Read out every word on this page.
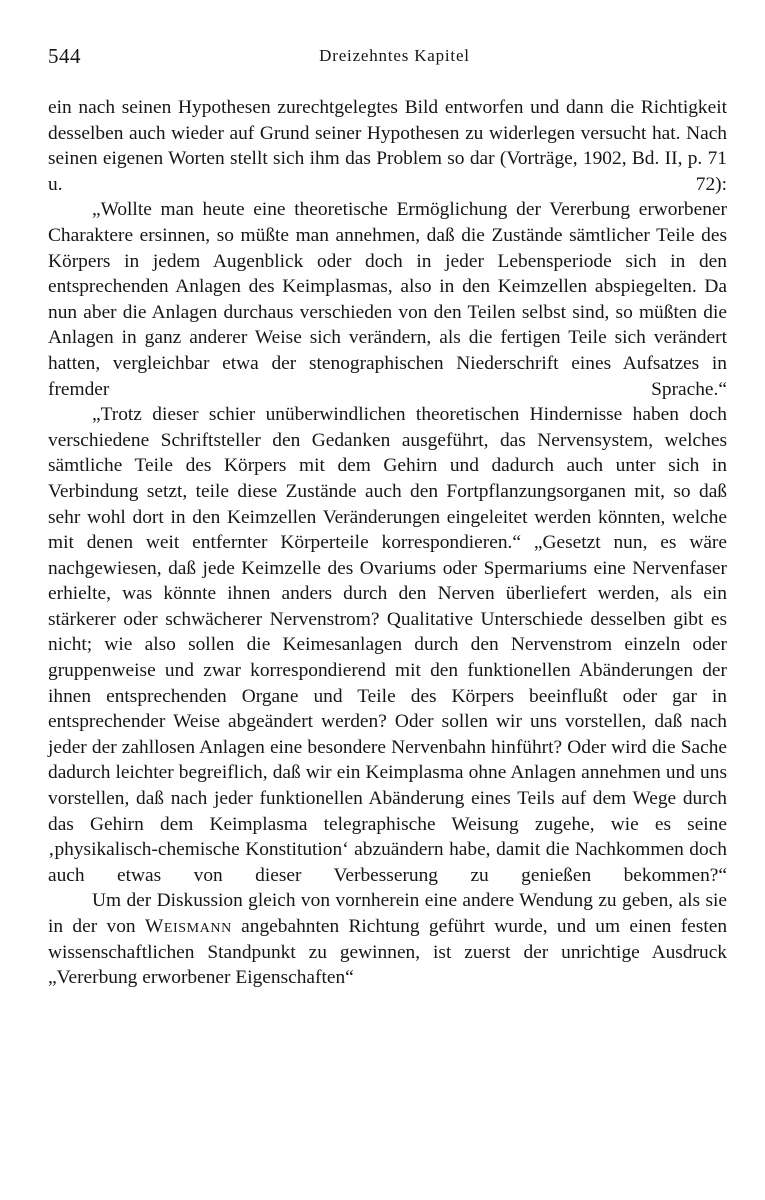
544	Dreizehntes Kapitel

ein nach seinen Hypothesen zurechtgelegtes Bild entworfen und dann die Richtigkeit desselben auch wieder auf Grund seiner Hypothesen zu widerlegen versucht hat. Nach seinen eigenen Worten stellt sich ihm das Problem so dar (Vorträge, 1902, Bd. II, p. 71 u. 72):

„Wollte man heute eine theoretische Ermöglichung der Vererbung erworbener Charaktere ersinnen, so müßte man annehmen, daß die Zustände sämtlicher Teile des Körpers in jedem Augenblick oder doch in jeder Lebensperiode sich in den entsprechenden Anlagen des Keimplasmas, also in den Keimzellen abspiegelten. Da nun aber die Anlagen durchaus verschieden von den Teilen selbst sind, so müßten die Anlagen in ganz anderer Weise sich verändern, als die fertigen Teile sich verändert hatten, vergleichbar etwa der stenographischen Niederschrift eines Aufsatzes in fremder Sprache.“

„Trotz dieser schier unüberwindlichen theoretischen Hindernisse haben doch verschiedene Schriftsteller den Gedanken ausgeführt, das Nervensystem, welches sämtliche Teile des Körpers mit dem Gehirn und dadurch auch unter sich in Verbindung setzt, teile diese Zustände auch den Fortpflanzungsorganen mit, so daß sehr wohl dort in den Keimzellen Veränderungen eingeleitet werden könnten, welche mit denen weit entfernter Körperteile korrespondieren.“ „Gesetzt nun, es wäre nachgewiesen, daß jede Keimzelle des Ovariums oder Spermariums eine Nervenfaser erhielte, was könnte ihnen anders durch den Nerven überliefert werden, als ein stärkerer oder schwächerer Nervenstrom? Qualitative Unterschiede desselben gibt es nicht; wie also sollen die Keimesanlagen durch den Nervenstrom einzeln oder gruppenweise und zwar korrespondierend mit den funktionellen Abänderungen der ihnen entsprechenden Organe und Teile des Körpers beeinflußt oder gar in entsprechender Weise abgeändert werden? Oder sollen wir uns vorstellen, daß nach jeder der zahllosen Anlagen eine besondere Nervenbahn hinführt? Oder wird die Sache dadurch leichter begreiflich, daß wir ein Keimplasma ohne Anlagen annehmen und uns vorstellen, daß nach jeder funktionellen Abänderung eines Teils auf dem Wege durch das Gehirn dem Keimplasma telegraphische Weisung zugehe, wie es seine ‚physikalisch-chemische Konstitution‘ abzuändern habe, damit die Nachkommen doch auch etwas von dieser Verbesserung zu genießen bekommen?“

Um der Diskussion gleich von vornherein eine andere Wendung zu geben, als sie in der von Weismann angebahnten Richtung geführt wurde, und um einen festen wissenschaftlichen Standpunkt zu gewinnen, ist zuerst der unrichtige Ausdruck „Vererbung erworbener Eigenschaften“
